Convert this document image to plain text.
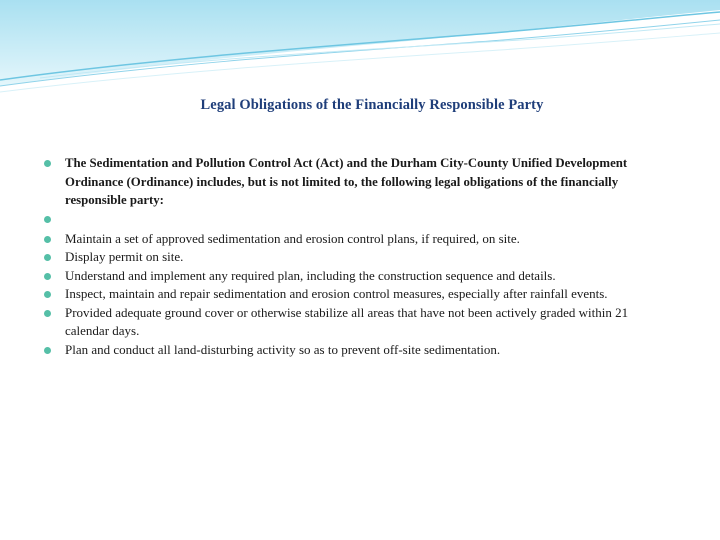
Legal Obligations of the Financially Responsible Party
The Sedimentation and Pollution Control Act (Act) and the Durham City-County Unified Development Ordinance (Ordinance) includes, but is not limited to, the following legal obligations of the financially responsible party:
Maintain a set of approved sedimentation and erosion control plans, if required, on site.
Display permit on site.
Understand and implement any required plan, including the construction sequence and details.
Inspect, maintain and repair sedimentation and erosion control measures, especially after rainfall events.
Provided adequate ground cover or otherwise stabilize all areas that have not been actively graded within 21 calendar days.
Plan and conduct all land-disturbing activity so as to prevent off-site sedimentation.
